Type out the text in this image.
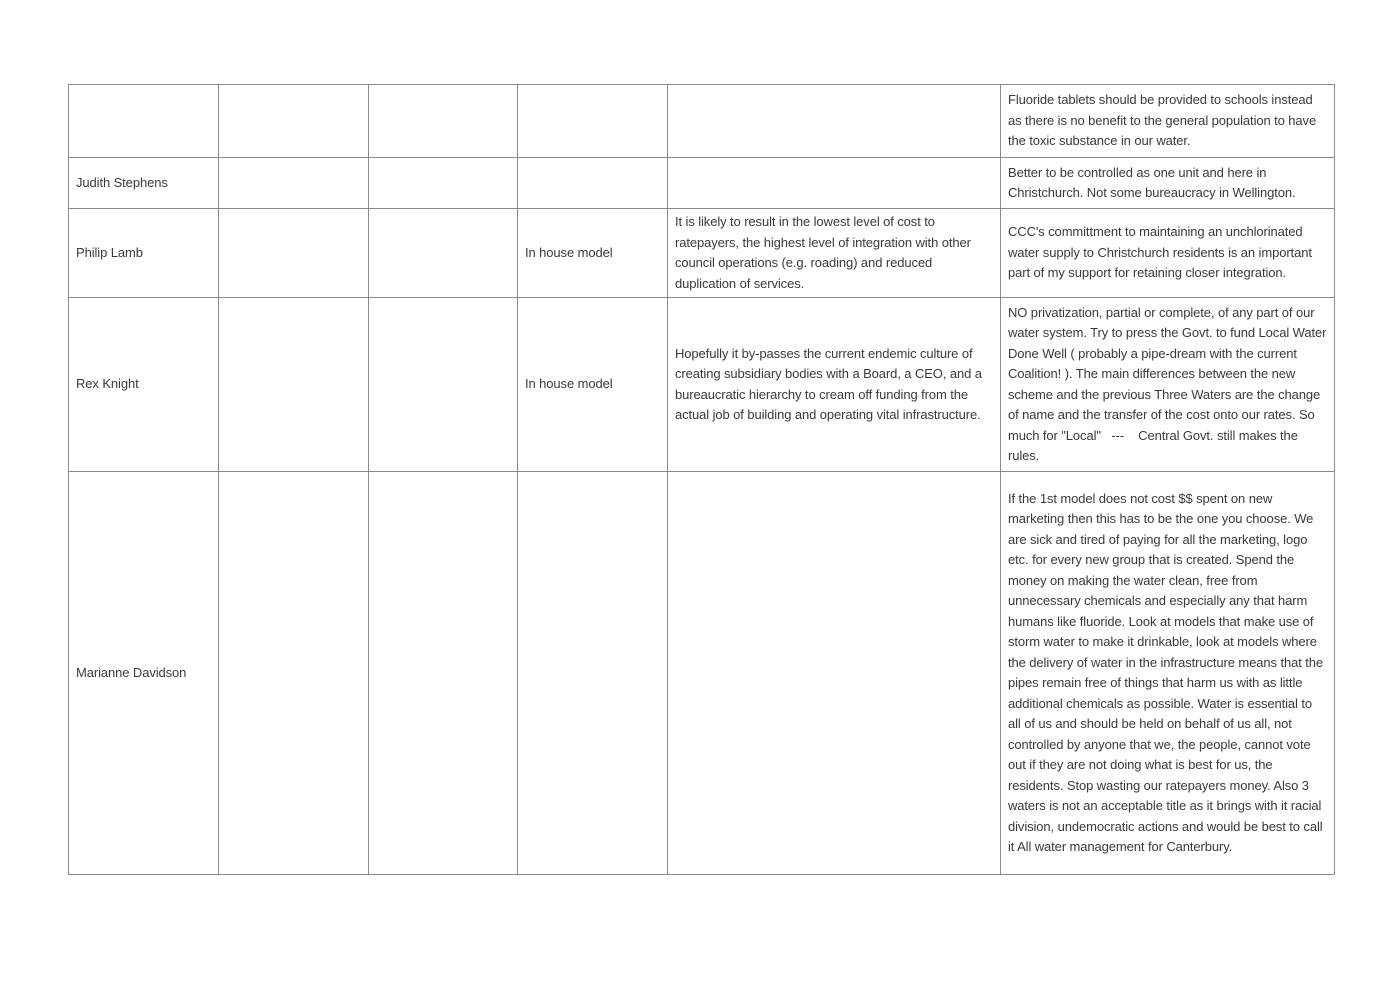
					Fluoride tablets should be provided to schools instead as there is no benefit to the general population to have the toxic substance in our water.
Judith Stephens					Better to be controlled as one unit and here in Christchurch. Not some bureaucracy in Wellington.
Philip Lamb			In house model	It is likely to result in the lowest level of cost to ratepayers, the highest level of integration with other council operations (e.g. roading) and reduced duplication of services.	CCC's committment to maintaining an unchlorinated water supply to Christchurch residents is an important part of my support for retaining closer integration.
Rex Knight			In house model	Hopefully it by-passes the current endemic culture of creating subsidiary bodies with a Board, a CEO, and a bureaucratic hierarchy to cream off funding from the actual job of building and operating vital infrastructure.	NO privatization, partial or complete, of any part of our water system. Try to press the Govt. to fund Local Water Done Well ( probably a pipe-dream with the current Coalition! ). The main differences between the new scheme and the previous Three Waters are the change of name and the transfer of the cost onto our rates. So much for "Local"   ---    Central Govt. still makes the rules.
Marianne Davidson					If the 1st model does not cost $$ spent on new marketing then this has to be the one you choose. We are sick and tired of paying for all the marketing, logo etc. for every new group that is created. Spend the money on making the water clean, free from unnecessary chemicals and especially any that harm humans like fluoride. Look at models that make use of storm water to make it drinkable, look at models where the delivery of water in the infrastructure means that the pipes remain free of things that harm us with as little additional chemicals as possible. Water is essential to all of us and should be held on behalf of us all, not controlled by anyone that we, the people, cannot vote out if they are not doing what is best for us, the residents. Stop wasting our ratepayers money. Also 3 waters is not an acceptable title as it brings with it racial division, undemocratic actions and would be best to call it All water management for Canterbury.
